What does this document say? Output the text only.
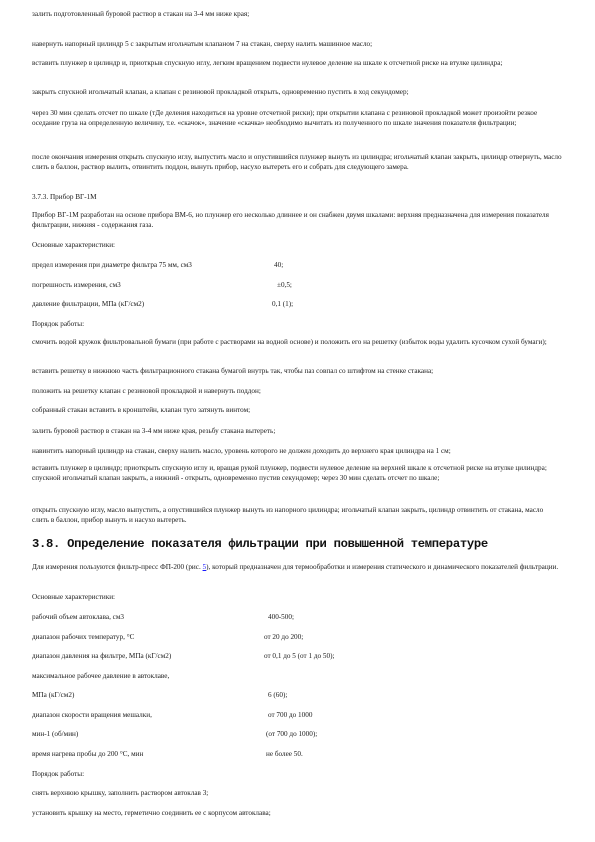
залить подготовленный буровой раствор в стакан на 3-4 мм ниже края;

навернуть напорный цилиндр 5 с закрытым игольчатым клапаном 7 на стакан, сверху налить машинное масло;

вставить плунжер в цилиндр и, приоткрыв спускную иглу, легким вращением подвести нулевое деление на шкале к отсчетной риске на втулке цилиндра;

закрыть спускной игольчатый клапан, а клапан с резиновой прокладкой открыть, одновременно пустить в ход секундомер;

через 30 мин сделать отсчет по шкале (тДе деления находиться на уровне отсчетной риски); при открытии клапана с резиновой прокладкой может произойти резкое оседание груза на определенную величину, т.е. «скачок», значение «скачка» необходимо вычитать из полученного по шкале значения показателя фильтрации;

после окончания измерения открыть спускную иглу, выпустить масло и опустившийся плунжер вынуть из цилиндра; игольчатый клапан закрыть, цилиндр отвернуть, масло слить в баллон, раствор вылить, отвинтить поддон, вынуть прибор, насухо вытереть его и собрать для следующего замера.

3.7.3. Прибор ВГ-1М

Прибор ВГ-1М разработан на основе прибора ВМ-6, но плунжер его несколько длиннее и он снабжен двумя шкалами: верхняя предназначена для измерения показателя фильтрации, нижняя - содержания газа.

Основные характеристики:

предел измерения при диаметре фильтра 75 мм, см3	40;
погрешность измерения, см3	±0,5;
давление фильтрации, МПа (кГ/см2)	0,1 (1);

Порядок работы:

смочить водой кружок фильтровальной бумаги (при работе с растворами на водной основе) и положить его на решетку (избыток воды удалить кусочком сухой бумаги);

вставить решетку в нижнюю часть фильтрационного стакана бумагой внутрь так, чтобы паз совпал со штифтом на стенке стакана;

положить на решетку клапан с резиновой прокладкой и навернуть поддон;

собранный стакан вставить в кронштейн, клапан туго затянуть винтом;

залить буровой раствор в стакан на 3-4 мм ниже края, резьбу стакана вытереть;

навинтить напорный цилиндр на стакан, сверху налить масло, уровень которого не должен доходить до верхнего края цилиндра на 1 см;

вставить плунжер в цилиндр; приоткрыть спускную иглу и, вращая рукой плунжер, подвести нулевое деление на верхней шкале к отсчетной риске на втулке цилиндра; спускной игольчатый клапан закрыть, а нижний - открыть, одновременно пустив секундомер; через 30 мин сделать отсчет по шкале;

открыть спускную иглу, масло выпустить, а опустившийся плунжер вынуть из напорного цилиндра; игольчатый клапан закрыть, цилиндр отвинтить от стакана, масло слить в баллон, прибор вынуть и насухо вытереть.

3.8. Определение показателя фильтрации при повышенной температуре

Для измерения пользуются фильтр-пресс ФП-200 (рис. 5), который предназначен для термообработки и измерения статического и динамического показателей фильтрации.

Основные характеристики:

рабочий объем автоклава, см3	400-500;
диапазон рабочих температур, °С	от 20 до 200;
диапазон давления на фильтре, МПа (кГ/см2)	от 0,1 до 5 (от 1 до 50);

максимальное рабочее давление в автоклаве,

МПа (кГ/см2)	6 (60);
диапазон скорости вращения мешалки,	от 700 до 1000
мин-1 (об/мин)	(от 700 до 1000);
время нагрева пробы до 200 °С, мин	не более 50.

Порядок работы:

снять верхнюю крышку, заполнить раствором автоклав 3;

установить крышку на место, герметично соединить ее с корпусом автоклава;
